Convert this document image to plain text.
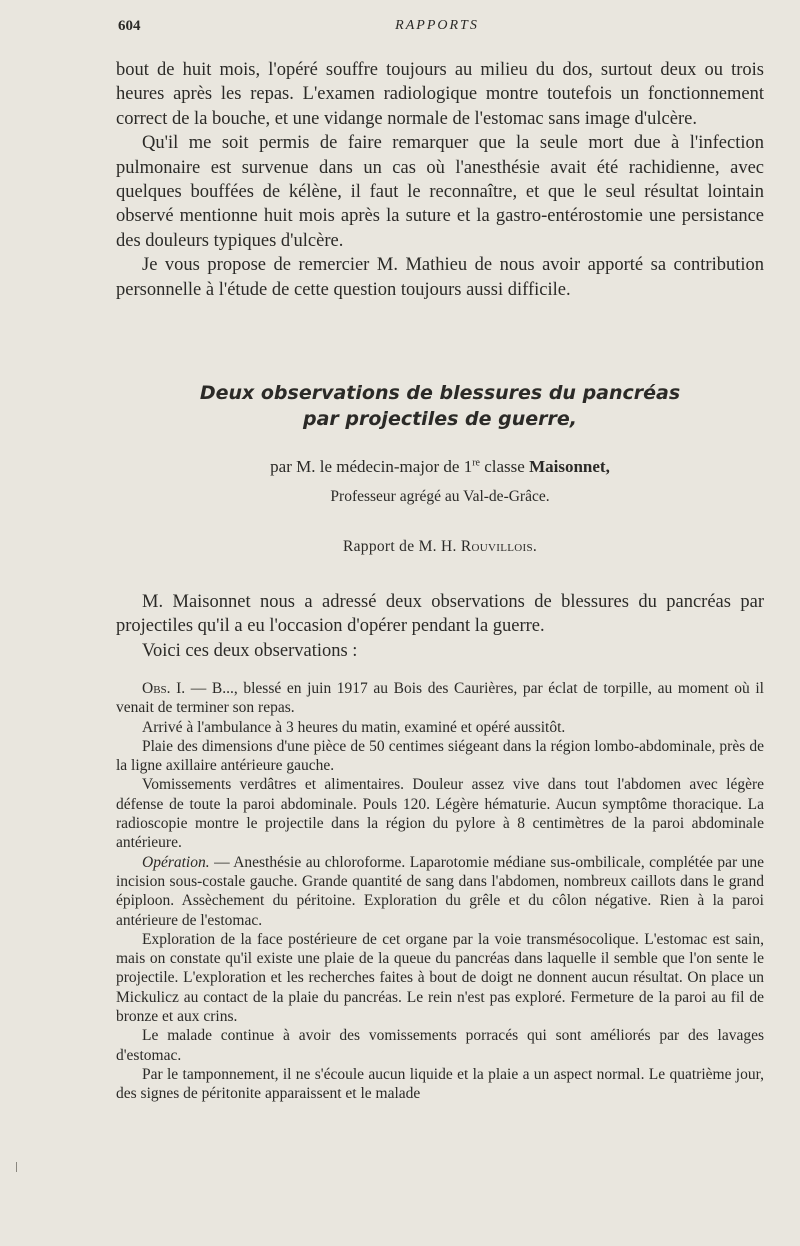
604	RAPPORTS

bout de huit mois, l'opéré souffre toujours au milieu du dos, surtout deux ou trois heures après les repas. L'examen radiologique montre toutefois un fonctionnement correct de la bouche, et une vidange normale de l'estomac sans image d'ulcère.

Qu'il me soit permis de faire remarquer que la seule mort due à l'infection pulmonaire est survenue dans un cas où l'anesthésie avait été rachidienne, avec quelques bouffées de kélène, il faut le reconnaître, et que le seul résultat lointain observé mentionne huit mois après la suture et la gastro-entérostomie une persistance des douleurs typiques d'ulcère.

Je vous propose de remercier M. Mathieu de nous avoir apporté sa contribution personnelle à l'étude de cette question toujours aussi difficile.

Deux observations de blessures du pancréas

par projectiles de guerre,

par M. le médecin-major de 1re classe Maisonnet,

Professeur agrégé au Val-de-Grâce.

Rapport de M. H. Rouvillois.

M. Maisonnet nous a adressé deux observations de blessures du pancréas par projectiles qu'il a eu l'occasion d'opérer pendant la guerre.

Voici ces deux observations :

Obs. I. — B..., blessé en juin 1917 au Bois des Caurières, par éclat de torpille, au moment où il venait de terminer son repas.

Arrivé à l'ambulance à 3 heures du matin, examiné et opéré aussitôt.

Plaie des dimensions d'une pièce de 50 centimes siégeant dans la région lombo-abdominale, près de la ligne axillaire antérieure gauche.

Vomissements verdâtres et alimentaires. Douleur assez vive dans tout l'abdomen avec légère défense de toute la paroi abdominale. Pouls 120. Légère hématurie. Aucun symptôme thoracique. La radioscopie montre le projectile dans la région du pylore à 8 centimètres de la paroi abdominale antérieure.

Opération. — Anesthésie au chloroforme. Laparotomie médiane sus-ombilicale, complétée par une incision sous-costale gauche. Grande quantité de sang dans l'abdomen, nombreux caillots dans le grand épiploon. Assèchement du péritoine. Exploration du grêle et du côlon négative. Rien à la paroi antérieure de l'estomac.

Exploration de la face postérieure de cet organe par la voie transmésocolique. L'estomac est sain, mais on constate qu'il existe une plaie de la queue du pancréas dans laquelle il semble que l'on sente le projectile. L'exploration et les recherches faites à bout de doigt ne donnent aucun résultat. On place un Mickulicz au contact de la plaie du pancréas. Le rein n'est pas exploré. Fermeture de la paroi au fil de bronze et aux crins.

Le malade continue à avoir des vomissements porracés qui sont améliorés par des lavages d'estomac.

Par le tamponnement, il ne s'écoule aucun liquide et la plaie a un aspect normal. Le quatrième jour, des signes de péritonite apparaissent et le malade
